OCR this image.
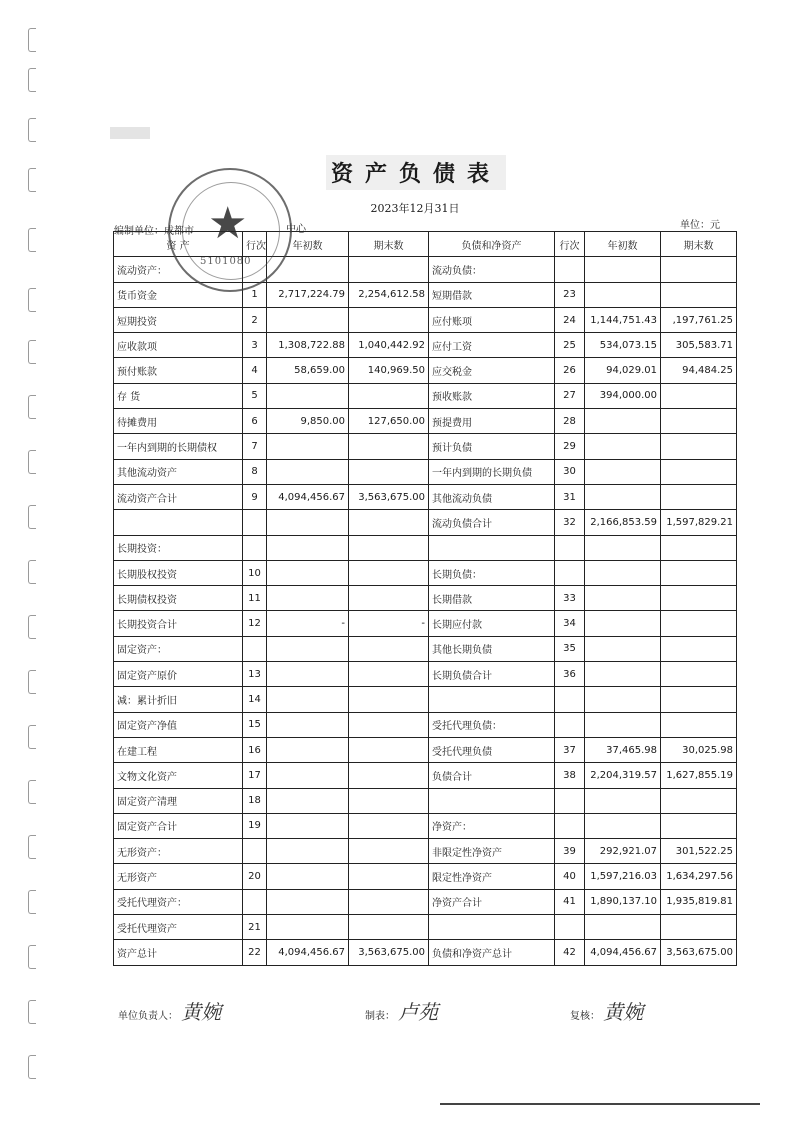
资产负债表
2023年12月31日
编制单位：成都市	中心	单位：元
资 产	行次	年初数	期末数	负债和净资产	行次	年初数	期末数
流动资产：				流动负债：			
货币资金	1	2,717,224.79	2,254,612.58	短期借款	23		
短期投资	2			应付账项	24	1,144,751.43	,197,761.25
应收款项	3	1,308,722.88	1,040,442.92	应付工资	25	534,073.15	305,583.71
预付账款	4	58,659.00	140,969.50	应交税金	26	94,029.01	94,484.25
存 货	5			预收账款	27	394,000.00	
待摊费用	6	9,850.00	127,650.00	预提费用	28		
一年内到期的长期债权	7			预计负债	29		
其他流动资产	8			一年内到期的长期负债	30		
流动资产合计	9	4,094,456.67	3,563,675.00	其他流动负债	31		
				流动负债合计	32	2,166,853.59	1,597,829.21
长期投资：							
长期股权投资	10			长期负债：			
长期债权投资	11			长期借款	33		
长期投资合计	12	-	-	长期应付款	34		
固定资产：				其他长期负债	35		
固定资产原价	13			长期负债合计	36		
减：累计折旧	14						
固定资产净值	15			受托代理负债：			
在建工程	16			受托代理负债	37	37,465.98	30,025.98
文物文化资产	17			负债合计	38	2,204,319.57	1,627,855.19
固定资产清理	18						
固定资产合计	19			净资产：			
无形资产：				非限定性净资产	39	292,921.07	301,522.25
无形资产	20			限定性净资产	40	1,597,216.03	1,634,297.56
受托代理资产：				净资产合计	41	1,890,137.10	1,935,819.81
受托代理资产	21						
资产总计	22	4,094,456.67	3,563,675.00	负债和净资产总计	42	4,094,456.67	3,563,675.00
★
5101080
单位负责人： 黄婉	制表： 卢苑	复核： 黄婉
